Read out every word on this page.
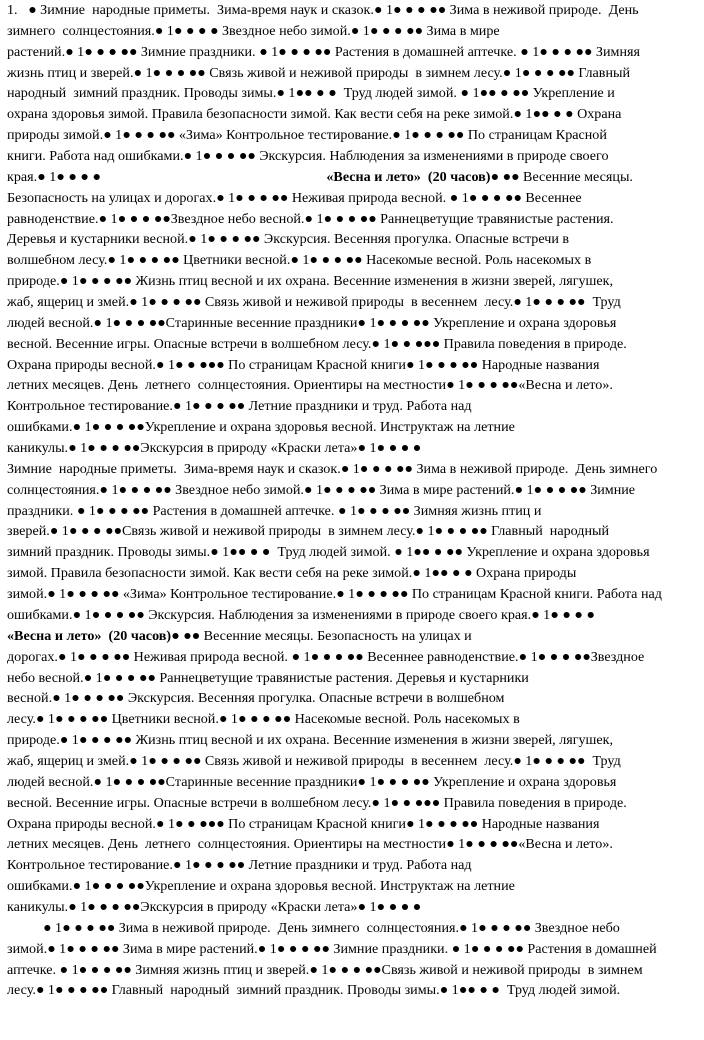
1.   ● Зимние  народные приметы.  Зима-время наук и сказок.● 1● ● ● ●● Зима в неживой природе.  День
зимнего  солнцестояния.● 1● ● ● ● Звездное небо зимой.● 1● ● ● ●● Зима в мире
растений.● 1● ● ● ●● Зимние праздники. ● 1● ● ● ●● Растения в домашней аптечке. ● 1● ● ● ●● Зимняя
жизнь птиц и зверей.● 1● ● ● ●● Связь живой и неживой природы  в зимнем лесу.● 1● ● ● ●● Главный
народный  зимний праздник. Проводы зимы.● 1●● ● ●  Труд людей зимой. ● 1●● ● ●● Укрепление и
охрана здоровья зимой. Правила безопасности зимой. Как вести себя на реке зимой.● 1●● ● ● Охрана
природы зимой.● 1● ● ● ●● «Зима» Контрольное тестирование.● 1● ● ● ●● По страницам Красной
книги. Работа над ошибками.● 1● ● ● ●● Экскурсия. Наблюдения за изменениями в природе своего
края.● 1● ● ● ●                                                                «Весна и лето»  (20 часов)● ●● Весенние месяцы.
Безопасность на улицах и дорогах.● 1● ● ● ●● Неживая природа весной. ● 1● ● ● ●● Весеннее
равноденствие.● 1● ● ● ●●Звездное небо весной.● 1● ● ● ●● Раннецветущие травянистые растения.
Деревья и кустарники весной.● 1● ● ● ●● Экскурсия. Весенняя прогулка. Опасные встречи в
волшебном лесу.● 1● ● ● ●● Цветники весной.● 1● ● ● ●● Насекомые весной. Роль насекомых в
природе.● 1● ● ● ●● Жизнь птиц весной и их охрана. Весенние изменения в жизни зверей, лягушек,
жаб, ящериц и змей.● 1● ● ● ●● Связь живой и неживой природы  в весеннем  лесу.● 1● ● ● ●●  Труд
людей весной.● 1● ● ● ●●Старинные весенние праздники● 1● ● ● ●● Укрепление и охрана здоровья
весной. Весенние игры. Опасные встречи в волшебном лесу.● 1● ● ●●● Правила поведения в природе.
Охрана природы весной.● 1● ● ●●● По страницам Красной книги● 1● ● ● ●● Народные названия
летних месяцев. День  летнего  солнцестояния. Ориентиры на местности● 1● ● ● ●●«Весна и лето».
Контрольное тестирование.● 1● ● ● ●● Летние праздники и труд. Работа над
ошибками.● 1● ● ● ●●Укрепление и охрана здоровья весной. Инструктаж на летние
каникулы.● 1● ● ● ●●Экскурсия в природу «Краски лета»● 1● ● ● ●
Зимние  народные приметы.  Зима-время наук и сказок.● 1● ● ● ●● Зима в неживой природе.  День зимнего
солнцестояния.● 1● ● ● ●● Звездное небо зимой.● 1● ● ● ●● Зима в мире растений.● 1● ● ● ●● Зимние
праздники. ● 1● ● ● ●● Растения в домашней аптечке. ● 1● ● ● ●● Зимняя жизнь птиц и
зверей.● 1● ● ● ●●Связь живой и неживой природы  в зимнем лесу.● 1● ● ● ●● Главный  народный
зимний праздник. Проводы зимы.● 1●● ● ●  Труд людей зимой. ● 1●● ● ●● Укрепление и охрана здоровья
зимой. Правила безопасности зимой. Как вести себя на реке зимой.● 1●● ● ● Охрана природы
зимой.● 1● ● ● ●● «Зима» Контрольное тестирование.● 1● ● ● ●● По страницам Красной книги. Работа над
ошибками.● 1● ● ● ●● Экскурсия. Наблюдения за изменениями в природе своего края.● 1● ● ● ●
«Весна и лето»  (20 часов)● ●● Весенние месяцы. Безопасность на улицах и
дорогах.● 1● ● ● ●● Неживая природа весной. ● 1● ● ● ●● Весеннее равноденствие.● 1● ● ● ●●Звездное
небо весной.● 1● ● ● ●● Раннецветущие травянистые растения. Деревья и кустарники
весной.● 1● ● ● ●● Экскурсия. Весенняя прогулка. Опасные встречи в волшебном
лесу.● 1● ● ● ●● Цветники весной.● 1● ● ● ●● Насекомые весной. Роль насекомых в
природе.● 1● ● ● ●● Жизнь птиц весной и их охрана. Весенние изменения в жизни зверей, лягушек,
жаб, ящериц и змей.● 1● ● ● ●● Связь живой и неживой природы  в весеннем  лесу.● 1● ● ● ●●  Труд
людей весной.● 1● ● ● ●●Старинные весенние праздники● 1● ● ● ●● Укрепление и охрана здоровья
весной. Весенние игры. Опасные встречи в волшебном лесу.● 1● ● ●●● Правила поведения в природе.
Охрана природы весной.● 1● ● ●●● По страницам Красной книги● 1● ● ● ●● Народные названия
летних месяцев. День  летнего  солнцестояния. Ориентиры на местности● 1● ● ● ●●«Весна и лето».
Контрольное тестирование.● 1● ● ● ●● Летние праздники и труд. Работа над
ошибками.● 1● ● ● ●●Укрепление и охрана здоровья весной. Инструктаж на летние
каникулы.● 1● ● ● ●●Экскурсия в природу «Краски лета»● 1● ● ● ●
● 1● ● ● ●● Зима в неживой природе.  День зимнего  солнцестояния.● 1● ● ● ●● Звездное небо
зимой.● 1● ● ● ●● Зима в мире растений.● 1● ● ● ●● Зимние праздники. ● 1● ● ● ●● Растения в домашней
аптечке. ● 1● ● ● ●● Зимняя жизнь птиц и зверей.● 1● ● ● ●●Связь живой и неживой природы  в зимнем
лесу.● 1● ● ● ●● Главный  народный  зимний праздник. Проводы зимы.● 1●● ● ●  Труд людей зимой.
